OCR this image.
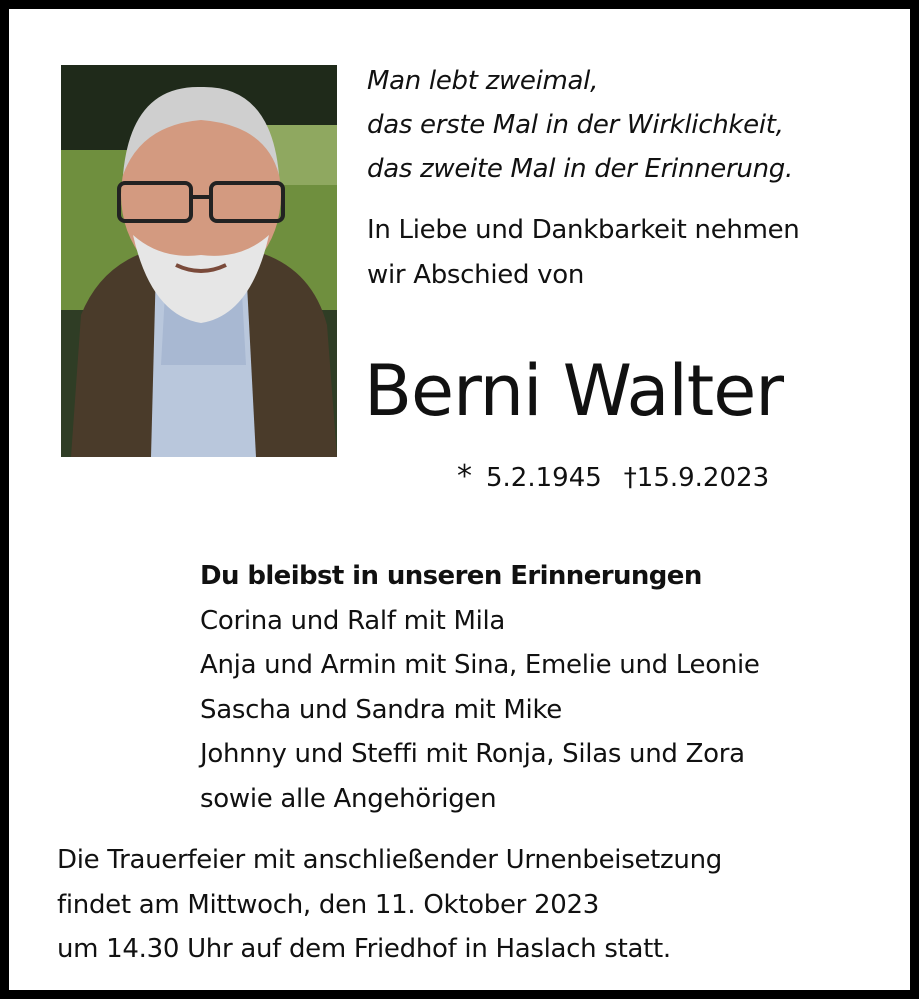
Man lebt zweimal,
das erste Mal in der Wirklichkeit,
das zweite Mal in der Erinnerung.
In Liebe und Dankbarkeit nehmen
wir Abschied von
Berni Walter
* 5.2.1945 †15.9.2023
Du bleibst in unseren Erinnerungen
Corina und Ralf mit Mila
Anja und Armin mit Sina, Emelie und Leonie
Sascha und Sandra mit Mike
Johnny und Steffi mit Ronja, Silas und Zora
sowie alle Angehörigen
Die Trauerfeier mit anschließender Urnenbeisetzung
findet am Mittwoch, den 11. Oktober 2023
um 14.30 Uhr auf dem Friedhof in Haslach statt.
